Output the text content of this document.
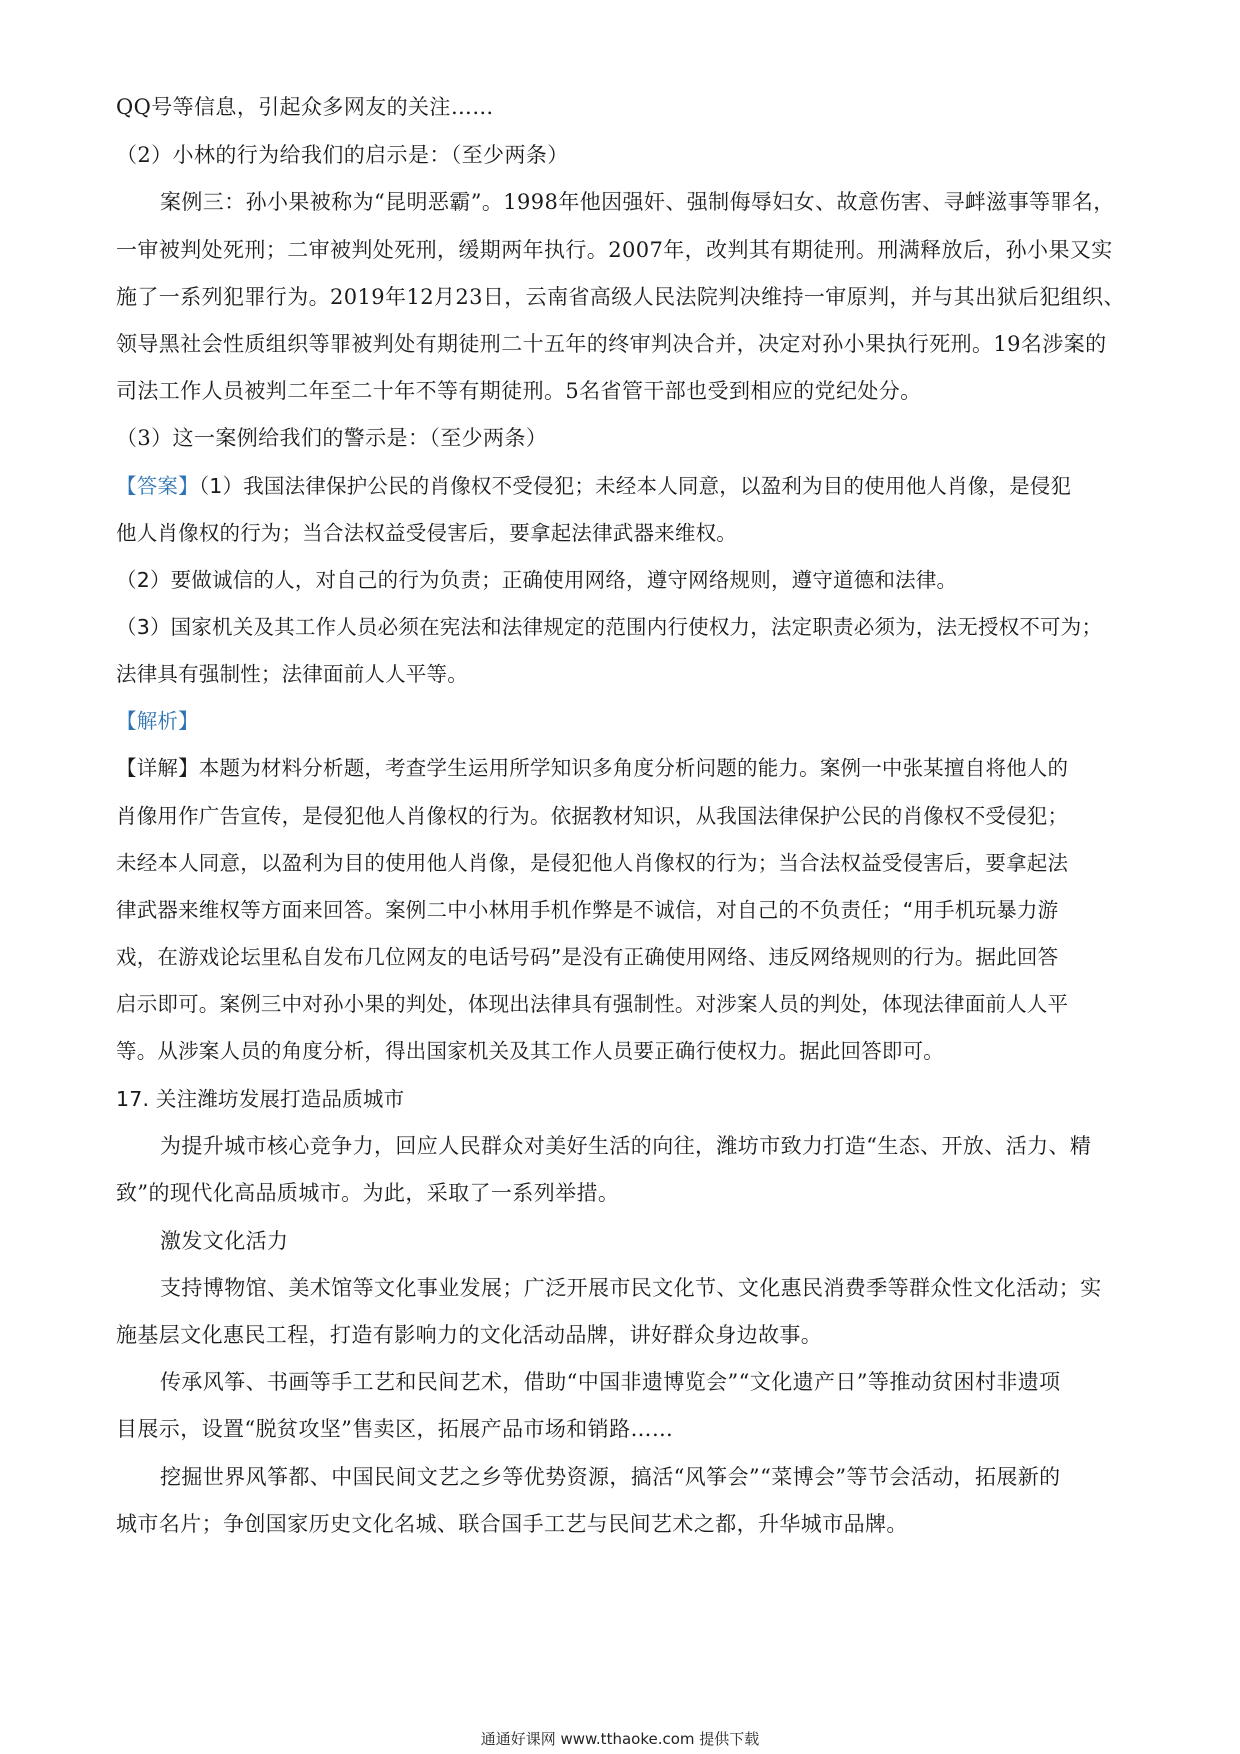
QQ号等信息，引起众多网友的关注……
（2）小林的行为给我们的启示是：（至少两条）
案例三：孙小果被称为“昆明恶霸”。1998年他因强奸、强制侮辱妇女、故意伤害、寻衅滋事等罪名，
一审被判处死刑；二审被判处死刑，缓期两年执行。2007年，改判其有期徒刑。刑满释放后，孙小果又实
施了一系列犯罪行为。2019年12月23日，云南省高级人民法院判决维持一审原判，并与其出狱后犯组织、
领导黑社会性质组织等罪被判处有期徒刑二十五年的终审判决合并，决定对孙小果执行死刑。19名涉案的
司法工作人员被判二年至二十年不等有期徒刑。5名省管干部也受到相应的党纪处分。
（3）这一案例给我们的警示是：（至少两条）
【答案】（1）我国法律保护公民的肖像权不受侵犯；未经本人同意，以盈利为目的使用他人肖像，是侵犯
他人肖像权的行为；当合法权益受侵害后，要拿起法律武器来维权。
（2）要做诚信的人，对自己的行为负责；正确使用网络，遵守网络规则，遵守道德和法律。
（3）国家机关及其工作人员必须在宪法和法律规定的范围内行使权力，法定职责必须为，法无授权不可为；
法律具有强制性；法律面前人人平等。
【解析】
【详解】本题为材料分析题，考查学生运用所学知识多角度分析问题的能力。案例一中张某擅自将他人的
肖像用作广告宣传，是侵犯他人肖像权的行为。依据教材知识，从我国法律保护公民的肖像权不受侵犯；
未经本人同意，以盈利为目的使用他人肖像，是侵犯他人肖像权的行为；当合法权益受侵害后，要拿起法
律武器来维权等方面来回答。案例二中小林用手机作弊是不诚信，对自己的不负责任；“用手机玩暴力游
戏，在游戏论坛里私自发布几位网友的电话号码”是没有正确使用网络、违反网络规则的行为。据此回答
启示即可。案例三中对孙小果的判处，体现出法律具有强制性。对涉案人员的判处，体现法律面前人人平
等。从涉案人员的角度分析，得出国家机关及其工作人员要正确行使权力。据此回答即可。
17. 关注潍坊发展打造品质城市
为提升城市核心竞争力，回应人民群众对美好生活的向往，潍坊市致力打造“生态、开放、活力、精
致”的现代化高品质城市。为此，采取了一系列举措。
激发文化活力
支持博物馆、美术馆等文化事业发展；广泛开展市民文化节、文化惠民消费季等群众性文化活动；实
施基层文化惠民工程，打造有影响力的文化活动品牌，讲好群众身边故事。
传承风筝、书画等手工艺和民间艺术，借助“中国非遗博览会”“文化遗产日”等推动贫困村非遗项
目展示，设置“脱贫攻坚”售卖区，拓展产品市场和销路……
挖掘世界风筝都、中国民间文艺之乡等优势资源，搞活“风筝会”“菜博会”等节会活动，拓展新的
城市名片；争创国家历史文化名城、联合国手工艺与民间艺术之都，升华城市品牌。
通通好课网 www.tthaoke.com 提供下载
